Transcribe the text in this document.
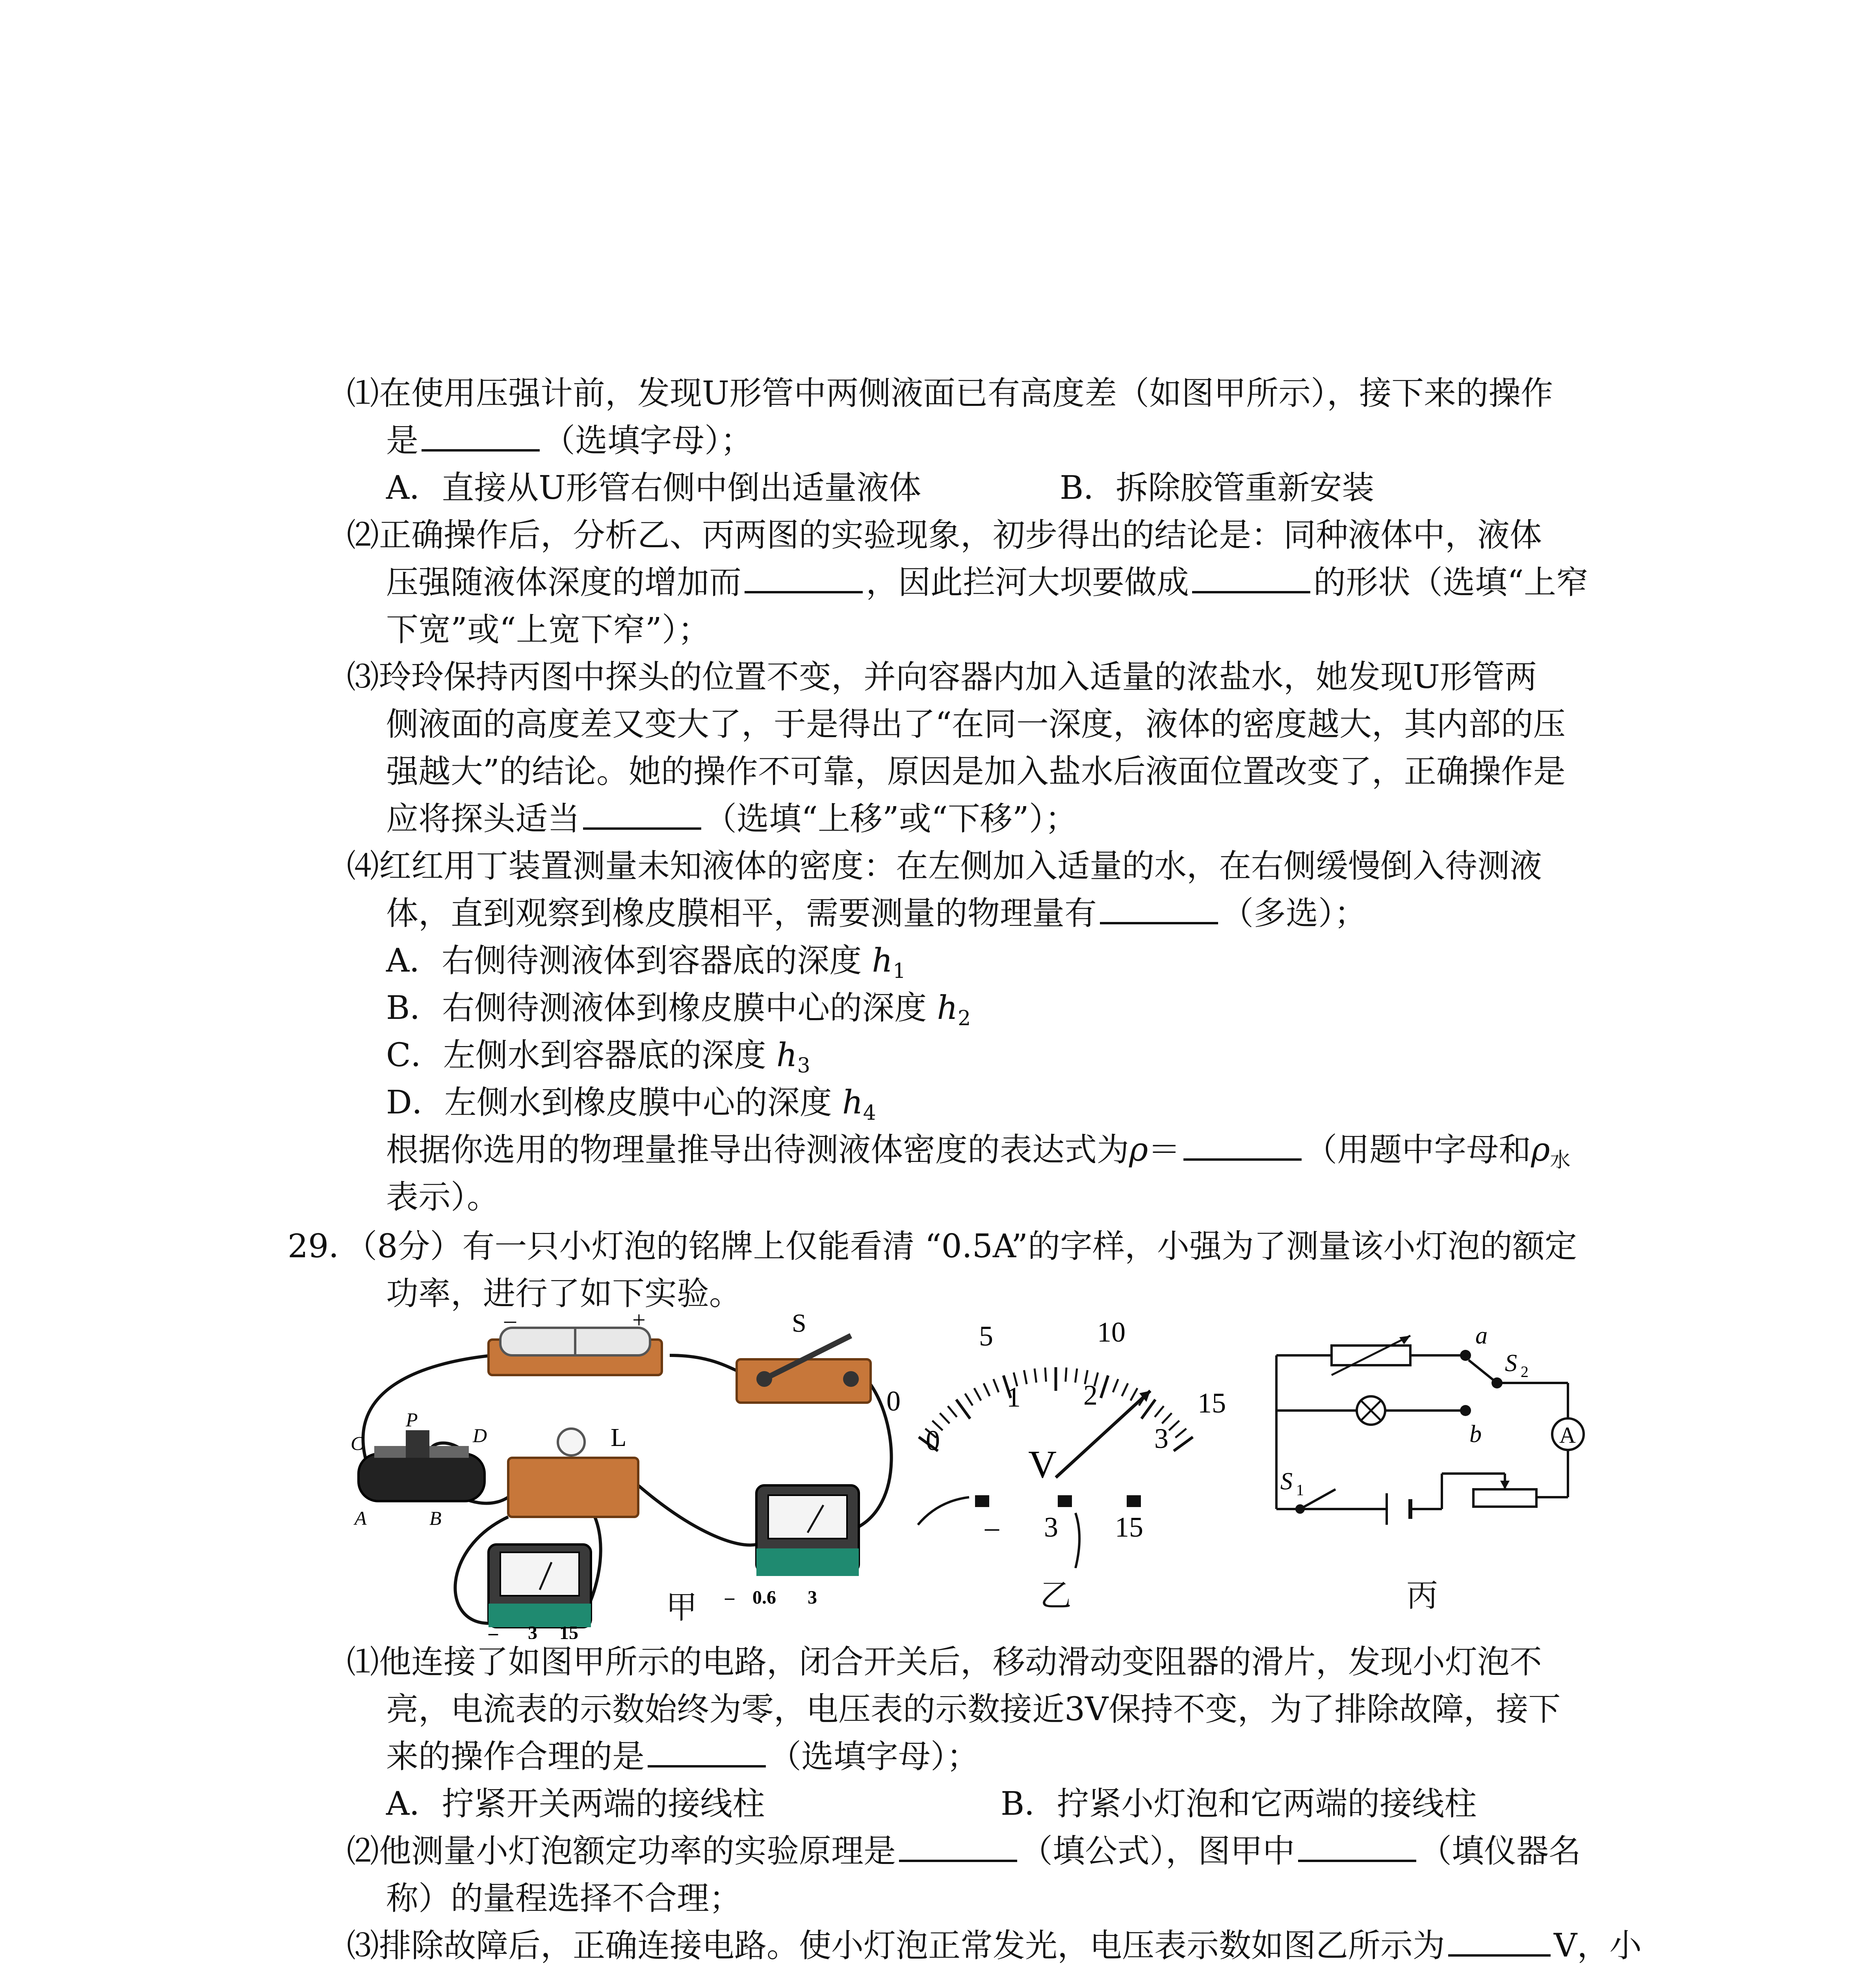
⑴在使用压强计前，发现U形管中两侧液面已有高度差（如图甲所示），接下来的操作
是	（选填字母）；
A．直接从U形管右侧中倒出适量液体	B．拆除胶管重新安装
⑵正确操作后，分析乙、丙两图的实验现象，初步得出的结论是：同种液体中，液体
压强随液体深度的增加而	，因此拦河大坝要做成	的形状（选填“上窄
下宽”或“上宽下窄”）；
⑶玲玲保持丙图中探头的位置不变，并向容器内加入适量的浓盐水，她发现U形管两
侧液面的高度差又变大了，于是得出了“在同一深度，液体的密度越大，其内部的压
强越大”的结论。她的操作不可靠，原因是加入盐水后液面位置改变了，正确操作是
应将探头适当	（选填“上移”或“下移”）；
⑷红红用丁装置测量未知液体的密度：在左侧加入适量的水，在右侧缓慢倒入待测液
体，直到观察到橡皮膜相平，需要测量的物理量有	（多选）；
A．右侧待测液体到容器底的深度 $h_1$
B．右侧待测液体到橡皮膜中心的深度 $h_2$
C．左侧水到容器底的深度 $h_3$
D．左侧水到橡皮膜中心的深度 $h_4$
根据你选用的物理量推导出待测液体密度的表达式为ρ＝	（用题中字母和$\rho_水$
表示）。
29．（8分）有一只小灯泡的铭牌上仅能看清 “0.5A”的字样，小强为了测量该小灯泡的额定
功率，进行了如下实验。
–	+	S
C
P
D
A	B
L
– 0.6 3
– 3 15
甲
0
5	10
15
0
1 2
3
V
– 3 15
乙
a
b
S 2
A
S 1
丙
⑴他连接了如图甲所示的电路，闭合开关后，移动滑动变阻器的滑片，发现小灯泡不
亮，电流表的示数始终为零，电压表的示数接近3V保持不变，为了排除故障，接下
来的操作合理的是	（选填字母）；
A．拧紧开关两端的接线柱	B．拧紧小灯泡和它两端的接线柱
⑵他测量小灯泡额定功率的实验原理是	（填公式），图甲中	（填仪器名
称）的量程选择不合理；
⑶排除故障后，正确连接电路。使小灯泡正常发光，电压表示数如图乙所示为	V，小
